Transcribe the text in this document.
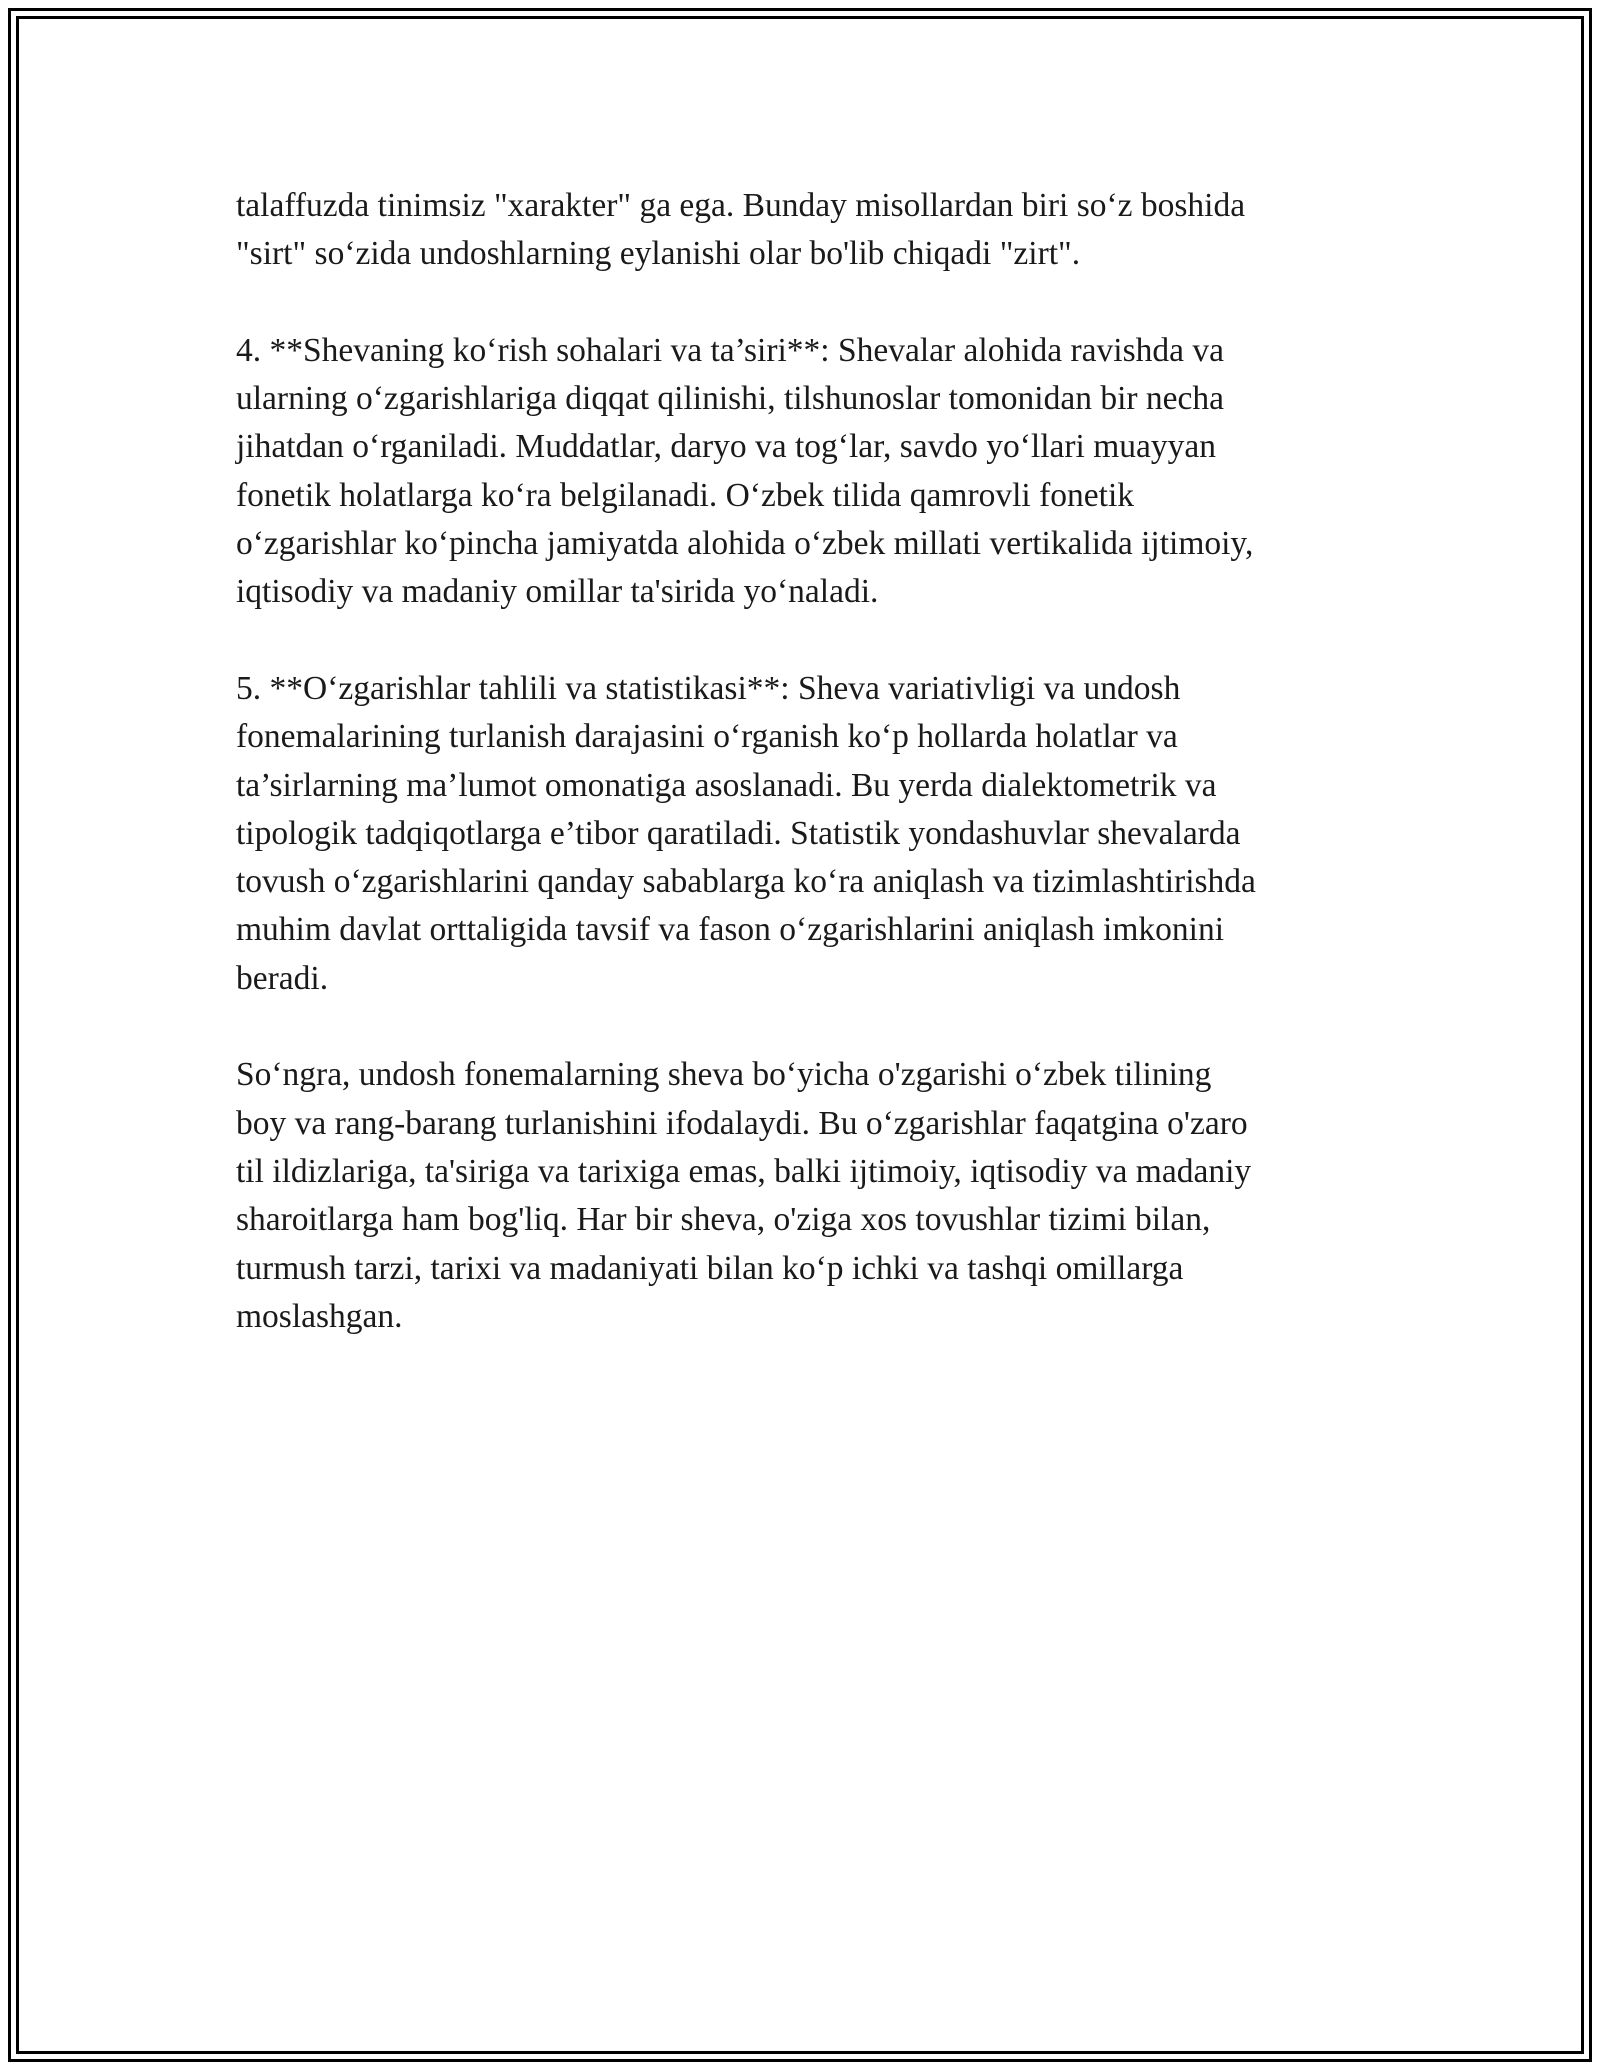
talaffuzda tinimsiz "xarakter" ga ega. Bunday misollardan biri so‘z boshida
"sirt" so‘zida undoshlarning eylanishi olar bo'lib chiqadi "zirt".

4. **Shevaning ko‘rish sohalari va ta’siri**: Shevalar alohida ravishda va
ularning o‘zgarishlariga diqqat qilinishi, tilshunoslar tomonidan bir necha
jihatdan o‘rganiladi. Muddatlar, daryo va tog‘lar, savdo yo‘llari muayyan
fonetik holatlarga ko‘ra belgilanadi. O‘zbek tilida qamrovli fonetik
o‘zgarishlar ko‘pincha jamiyatda alohida o‘zbek millati vertikalida ijtimoiy,
iqtisodiy va madaniy omillar ta'sirida yo‘naladi.

5. **O‘zgarishlar tahlili va statistikasi**: Sheva variativligi va undosh
fonemalarining turlanish darajasini o‘rganish ko‘p hollarda holatlar va
ta’sirlarning ma’lumot omonatiga asoslanadi. Bu yerda dialektometrik va
tipologik tadqiqotlarga e’tibor qaratiladi. Statistik yondashuvlar shevalarda
tovush o‘zgarishlarini qanday sabablarga ko‘ra aniqlash va tizimlashtirishda
muhim davlat orttaligida tavsif va fason o‘zgarishlarini aniqlash imkonini
beradi.

So‘ngra, undosh fonemalarning sheva bo‘yicha o'zgarishi o‘zbek tilining
boy va rang-barang turlanishini ifodalaydi. Bu o‘zgarishlar faqatgina o'zaro
til ildizlariga, ta'siriga va tarixiga emas, balki ijtimoiy, iqtisodiy va madaniy
sharoitlarga ham bog'liq. Har bir sheva, o'ziga xos tovushlar tizimi bilan,
turmush tarzi, tarixi va madaniyati bilan ko‘p ichki va tashqi omillarga
moslashgan.
